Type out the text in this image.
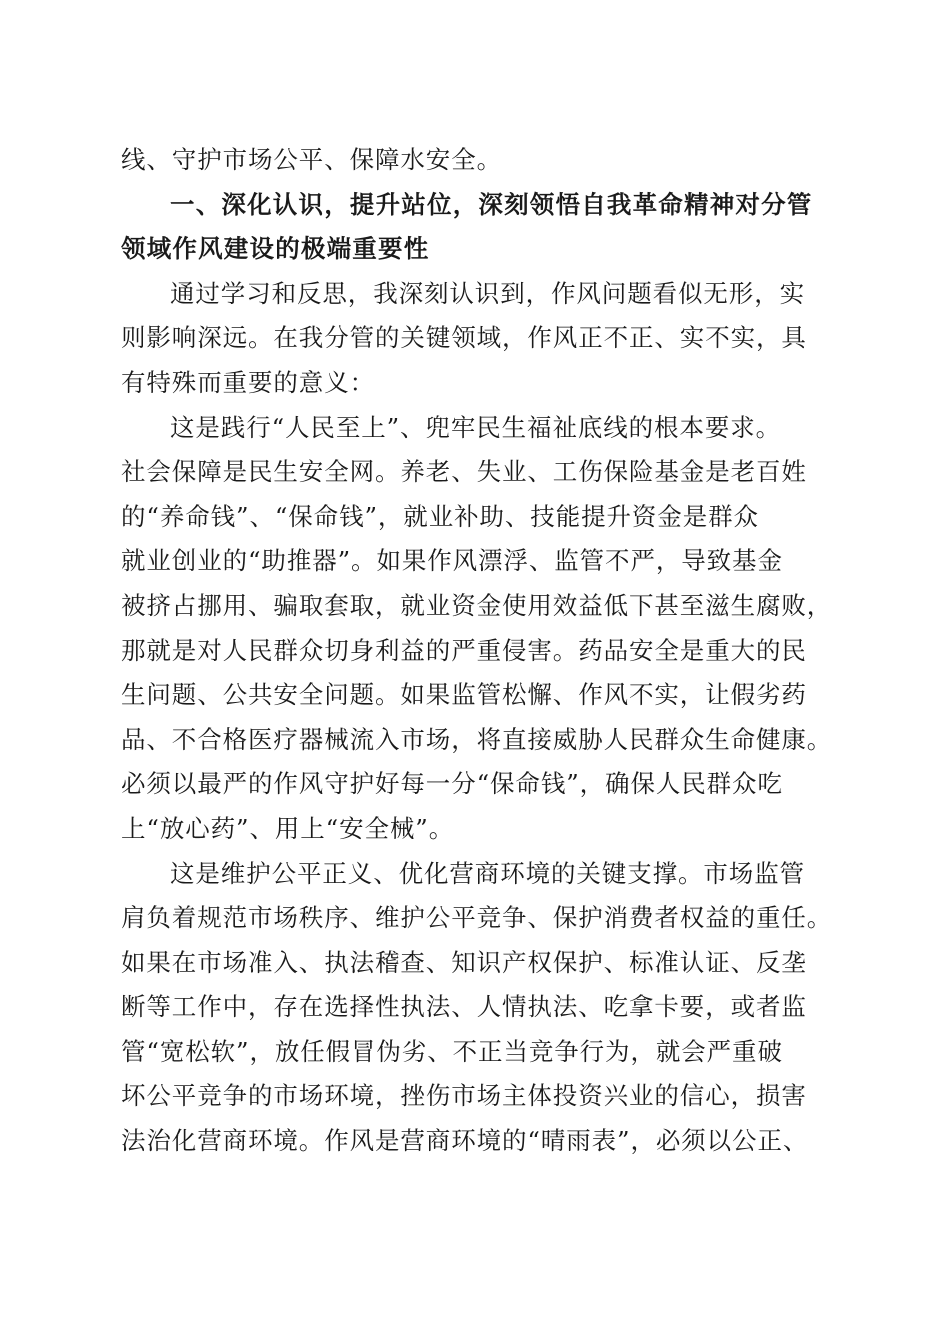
线、守护市场公平、保障水安全。
一、深化认识，提升站位，深刻领悟自我革命精神对分管
领域作风建设的极端重要性
通过学习和反思，我深刻认识到，作风问题看似无形，实
则影响深远。在我分管的关键领域，作风正不正、实不实，具
有特殊而重要的意义：
这是践行“人民至上”、兜牢民生福祉底线的根本要求。
社会保障是民生安全网。养老、失业、工伤保险基金是老百姓
的“养命钱”、“保命钱”，就业补助、技能提升资金是群众
就业创业的“助推器”。如果作风漂浮、监管不严，导致基金
被挤占挪用、骗取套取，就业资金使用效益低下甚至滋生腐败，
那就是对人民群众切身利益的严重侵害。药品安全是重大的民
生问题、公共安全问题。如果监管松懈、作风不实，让假劣药
品、不合格医疗器械流入市场，将直接威胁人民群众生命健康。
必须以最严的作风守护好每一分“保命钱”，确保人民群众吃
上“放心药”、用上“安全械”。
这是维护公平正义、优化营商环境的关键支撑。市场监管
肩负着规范市场秩序、维护公平竞争、保护消费者权益的重任。
如果在市场准入、执法稽查、知识产权保护、标准认证、反垄
断等工作中，存在选择性执法、人情执法、吃拿卡要，或者监
管“宽松软”，放任假冒伪劣、不正当竞争行为，就会严重破
坏公平竞争的市场环境，挫伤市场主体投资兴业的信心，损害
法治化营商环境。作风是营商环境的“晴雨表”，必须以公正、
